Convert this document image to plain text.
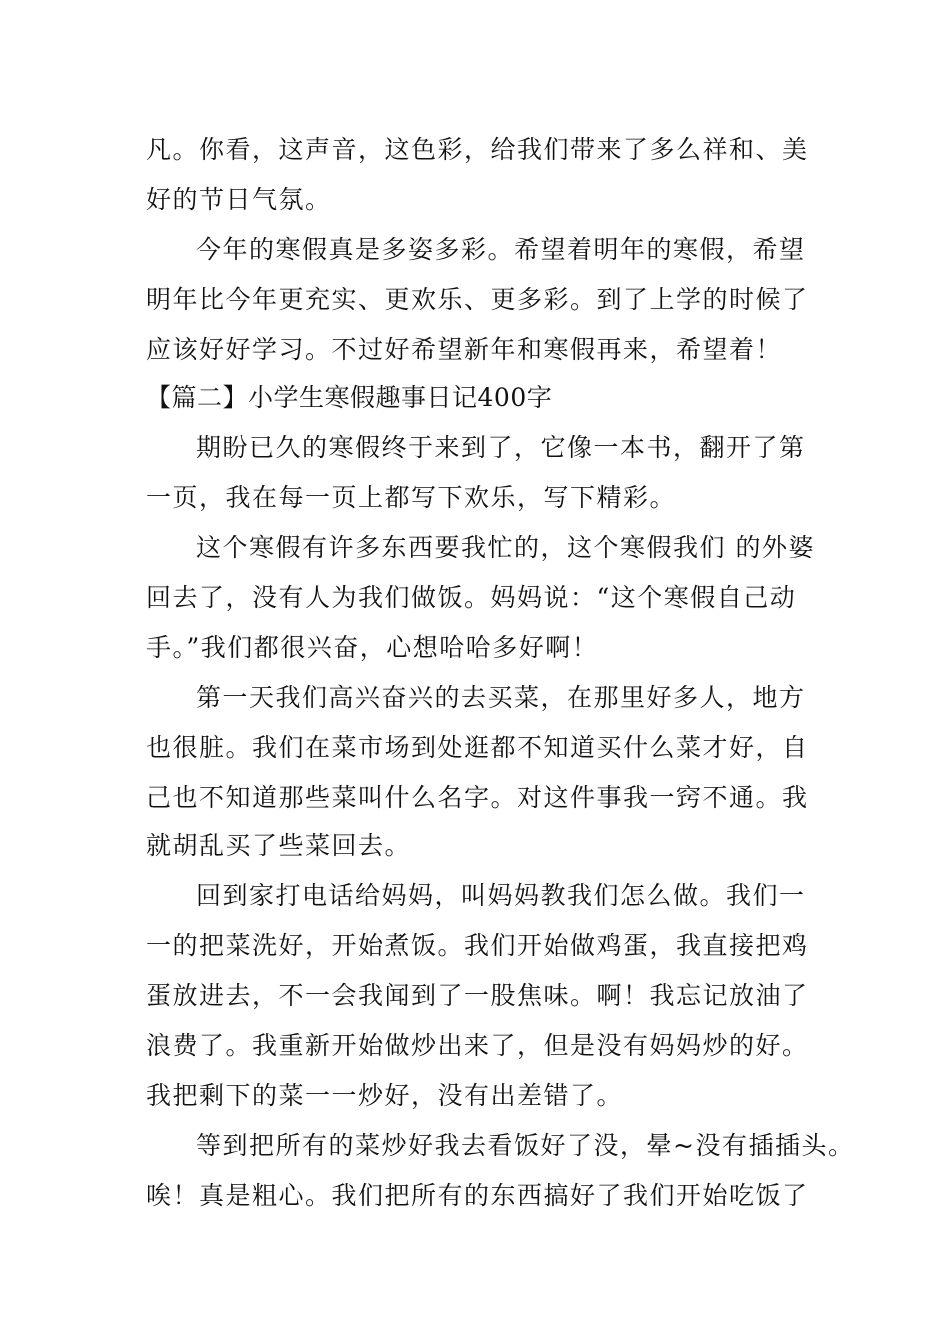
凡。你看，这声音，这色彩，给我们带来了多么祥和、美
好的节日气氛。
今年的寒假真是多姿多彩。希望着明年的寒假，希望
明年比今年更充实、更欢乐、更多彩。到了上学的时候了
应该好好学习。不过好希望新年和寒假再来，希望着！
【篇二】小学生寒假趣事日记400字
期盼已久的寒假终于来到了，它像一本书，翻开了第
一页，我在每一页上都写下欢乐，写下精彩。
这个寒假有许多东西要我忙的，这个寒假我们 的外婆
回去了，没有人为我们做饭。妈妈说：“这个寒假自己动
手。”我们都很兴奋，心想哈哈多好啊！
第一天我们高兴奋兴的去买菜，在那里好多人，地方
也很脏。我们在菜市场到处逛都不知道买什么菜才好，自
己也不知道那些菜叫什么名字。对这件事我一窍不通。我
就胡乱买了些菜回去。
回到家打电话给妈妈，叫妈妈教我们怎么做。我们一
一的把菜洗好，开始煮饭。我们开始做鸡蛋，我直接把鸡
蛋放进去，不一会我闻到了一股焦味。啊！我忘记放油了
浪费了。我重新开始做炒出来了，但是没有妈妈炒的好。
我把剩下的菜一一炒好，没有出差错了。
等到把所有的菜炒好我去看饭好了没，晕~没有插插头。
唉！真是粗心。我们把所有的东西搞好了我们开始吃饭了
